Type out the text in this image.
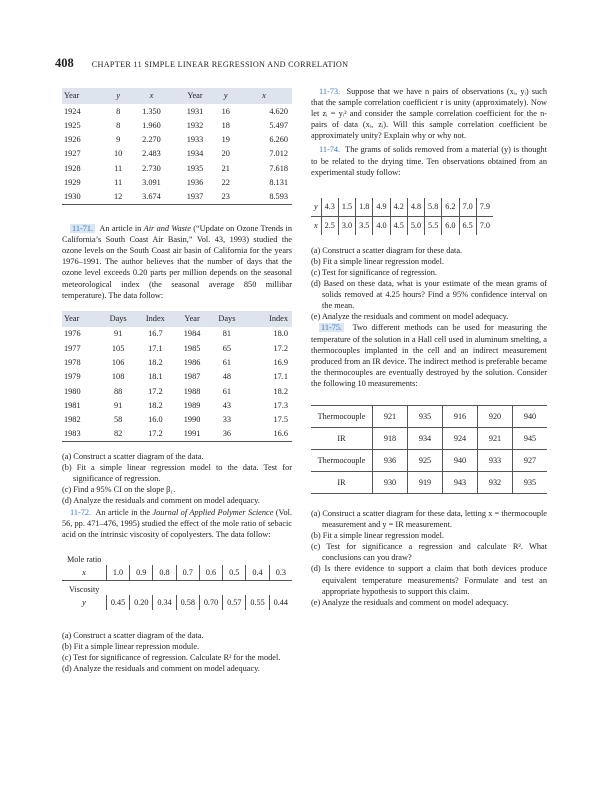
408 CHAPTER 11 SIMPLE LINEAR REGRESSION AND CORRELATION
Year	y	x	Year	y	x
1924	8	1.350	1931	16	4.620
1925	8	1.960	1932	18	5.497
1926	9	2.270	1933	19	6.260
1927	10	2.483	1934	20	7.012
1928	11	2.730	1935	21	7.618
1929	11	3.091	1936	22	8.131
1930	12	3.674	1937	23	8.593

11-71. An article in Air and Waste (“Update on Ozone Trends in California’s South Coast Air Basin,” Vol. 43, 1993) studied the ozone levels on the South Coast air basin of California for the years 1976–1991. The author believes that the number of days that the ozone level exceeds 0.20 parts per million depends on the seasonal meteorological index (the seasonal average 850 millibar temperature). The data follow:

Year	Days	Index	Year	Days	Index
1976	91	16.7	1984	81	18.0
1977	105	17.1	1985	65	17.2
1978	106	18.2	1986	61	16.9
1979	108	18.1	1987	48	17.1
1980	88	17.2	1988	61	18.2
1981	91	18.2	1989	43	17.3
1982	58	16.0	1990	33	17.5
1983	82	17.2	1991	36	16.6

(a) Construct a scatter diagram of the data.

(b) Fit a simple linear regression model to the data. Test for significance of regression.

(c) Find a 95% CI on the slope β₁.

(d) Analyze the residuals and comment on model adequacy.

11-72. An article in the Journal of Applied Polymer Science (Vol. 56, pp. 471–476, 1995) studied the effect of the mole ratio of sebacic acid on the intrinsic viscosity of copolyesters. The data follow:

Mole ratio								
x	1.0	0.9	0.8	0.7	0.6	0.5	0.4	0.3
Viscosity								
y	0.45	0.20	0.34	0.58	0.70	0.57	0.55	0.44

(a) Construct a scatter diagram of the data.

(b) Fit a simple linear repression module.

(c) Test for significance of regression. Calculate R² for the model.

(d) Analyze the residuals and comment on model adequacy.

11-73. Suppose that we have n pairs of observations (xᵢ, yᵢ) such that the sample correlation coefficient r is unity (approximately). Now let zᵢ = yᵢ² and consider the sample correlation coefficient for the n-pairs of data (xᵢ, zᵢ). Will this sample correlation coefficient be approximately unity? Explain why or why not.

11-74. The grams of solids removed from a material (y) is thought to be related to the drying time. Ten observations obtained from an experimental study follow:

y	4.3	1.5	1.8	4.9	4.2	4.8	5.8	6.2	7.0	7.9
x	2.5	3.0	3.5	4.0	4.5	5.0	5.5	6.0	6.5	7.0

(a) Construct a scatter diagram for these data.

(b) Fit a simple linear regression model.

(c) Test for significance of regression.

(d) Based on these data, what is your estimate of the mean grams of solids removed at 4.25 hours? Find a 95% confidence interval on the mean.

(e) Analyze the residuals and comment on model adequacy.

11-75. Two different methods can be used for measuring the temperature of the solution in a Hall cell used in aluminum smelting, a thermocouples implanted in the cell and an indirect measurement produced from an IR device. The indirect method is preferable became the thermocouples are eventually destroyed by the solution. Consider the following 10 measurements:

Thermocouple	921	935	916	920	940
IR	918	934	924	921	945
Thermocouple	936	925	940	933	927
IR	930	919	943	932	935

(a) Construct a scatter diagram for these data, letting x = thermocouple measurement and y = IR measurement.

(b) Fit a simple linear regression model.

(c) Test for significance a regression and calculate R². What conclusions can you draw?

(d) Is there evidence to support a claim that both devices produce equivalent temperature measurements? Formulate and test an appropriate hypothesis to support this claim.

(e) Analyze the residuals and comment on model adequacy.
